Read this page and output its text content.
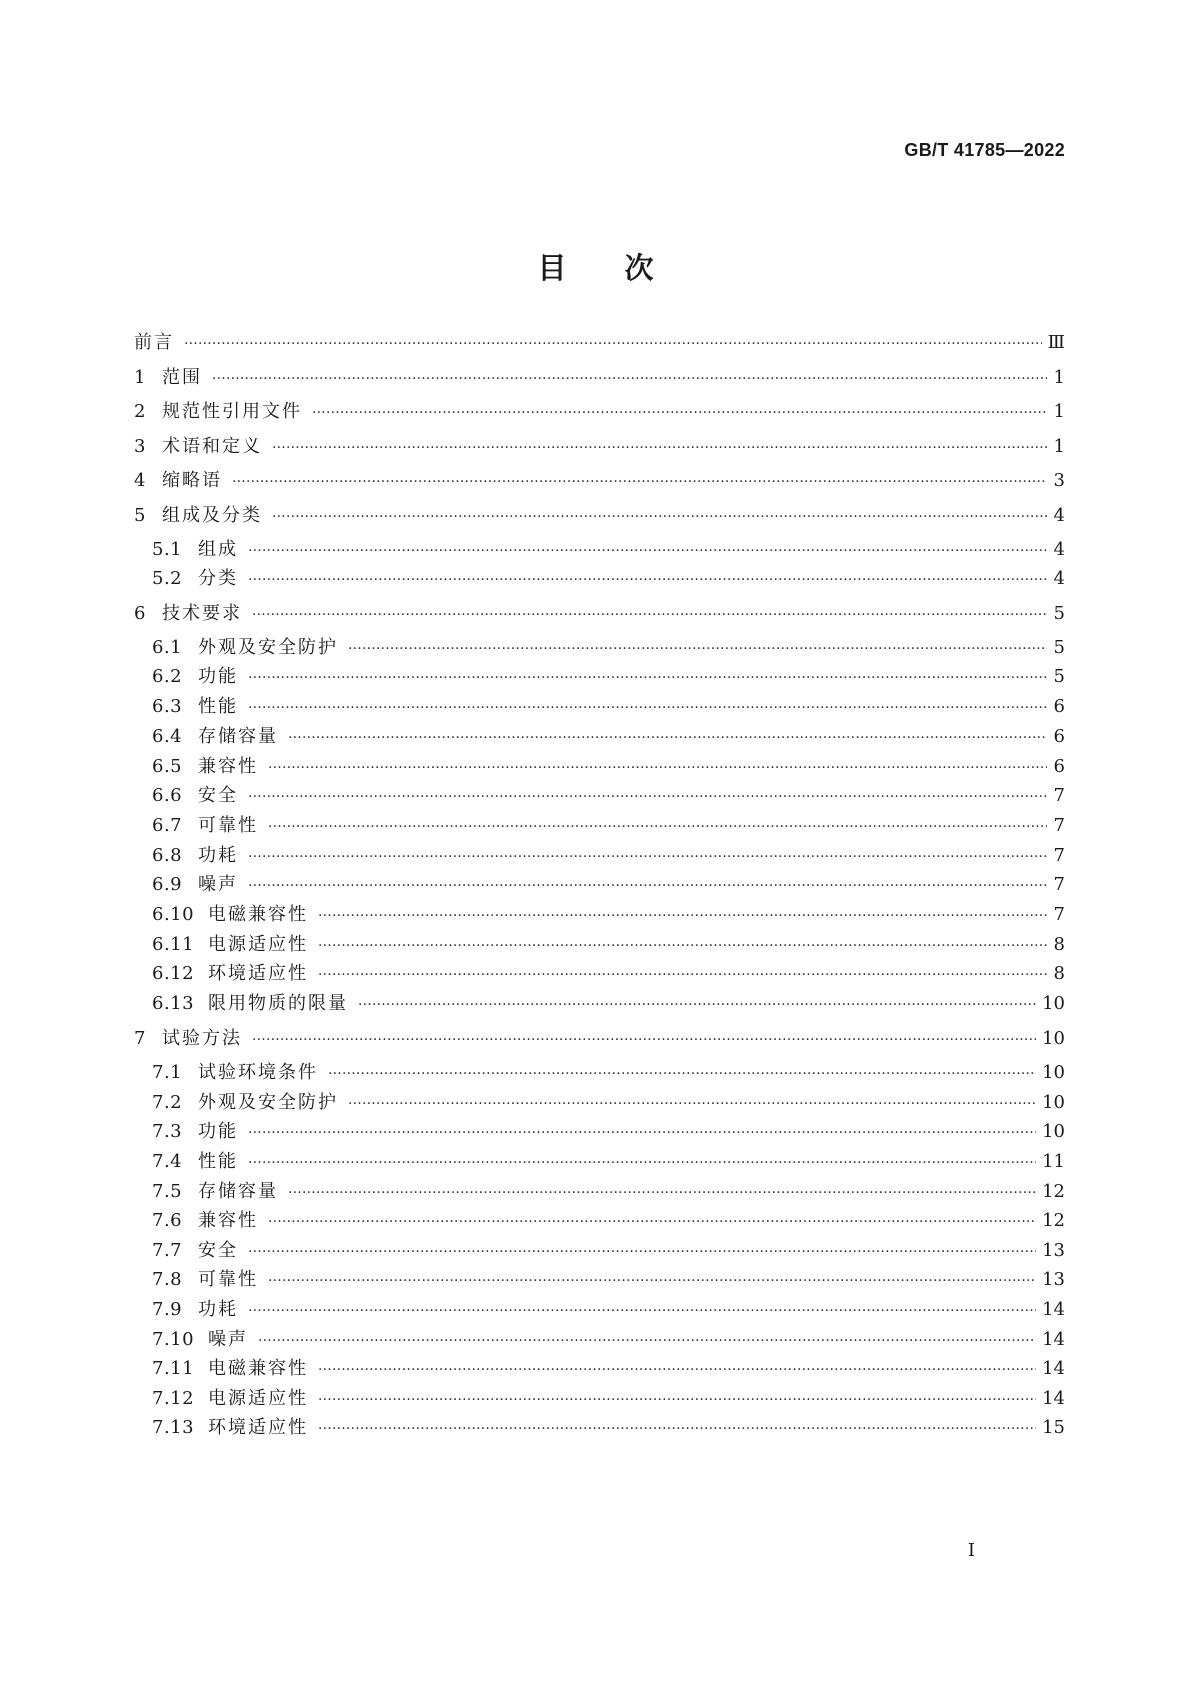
GB/T 41785—2022
目次
前言 ·····	Ⅲ
1 范围 ·····	1
2 规范性引用文件 ·····	1
3 术语和定义 ·····	1
4 缩略语 ·····	3
5 组成及分类 ·····	4
5.1 组成 ·····	4
5.2 分类 ·····	4
6 技术要求 ·····	5
6.1 外观及安全防护 ·····	5
6.2 功能 ·····	5
6.3 性能 ·····	6
6.4 存储容量 ·····	6
6.5 兼容性 ·····	6
6.6 安全 ·····	7
6.7 可靠性 ·····	7
6.8 功耗 ·····	7
6.9 噪声 ·····	7
6.10 电磁兼容性 ·····	7
6.11 电源适应性 ·····	8
6.12 环境适应性 ·····	8
6.13 限用物质的限量 ·····	10
7 试验方法 ·····	10
7.1 试验环境条件 ·····	10
7.2 外观及安全防护 ·····	10
7.3 功能 ·····	10
7.4 性能 ·····	11
7.5 存储容量 ·····	12
7.6 兼容性 ·····	12
7.7 安全 ·····	13
7.8 可靠性 ·····	13
7.9 功耗 ·····	14
7.10 噪声 ·····	14
7.11 电磁兼容性 ·····	14
7.12 电源适应性 ·····	14
7.13 环境适应性 ·····	15
Ⅰ
